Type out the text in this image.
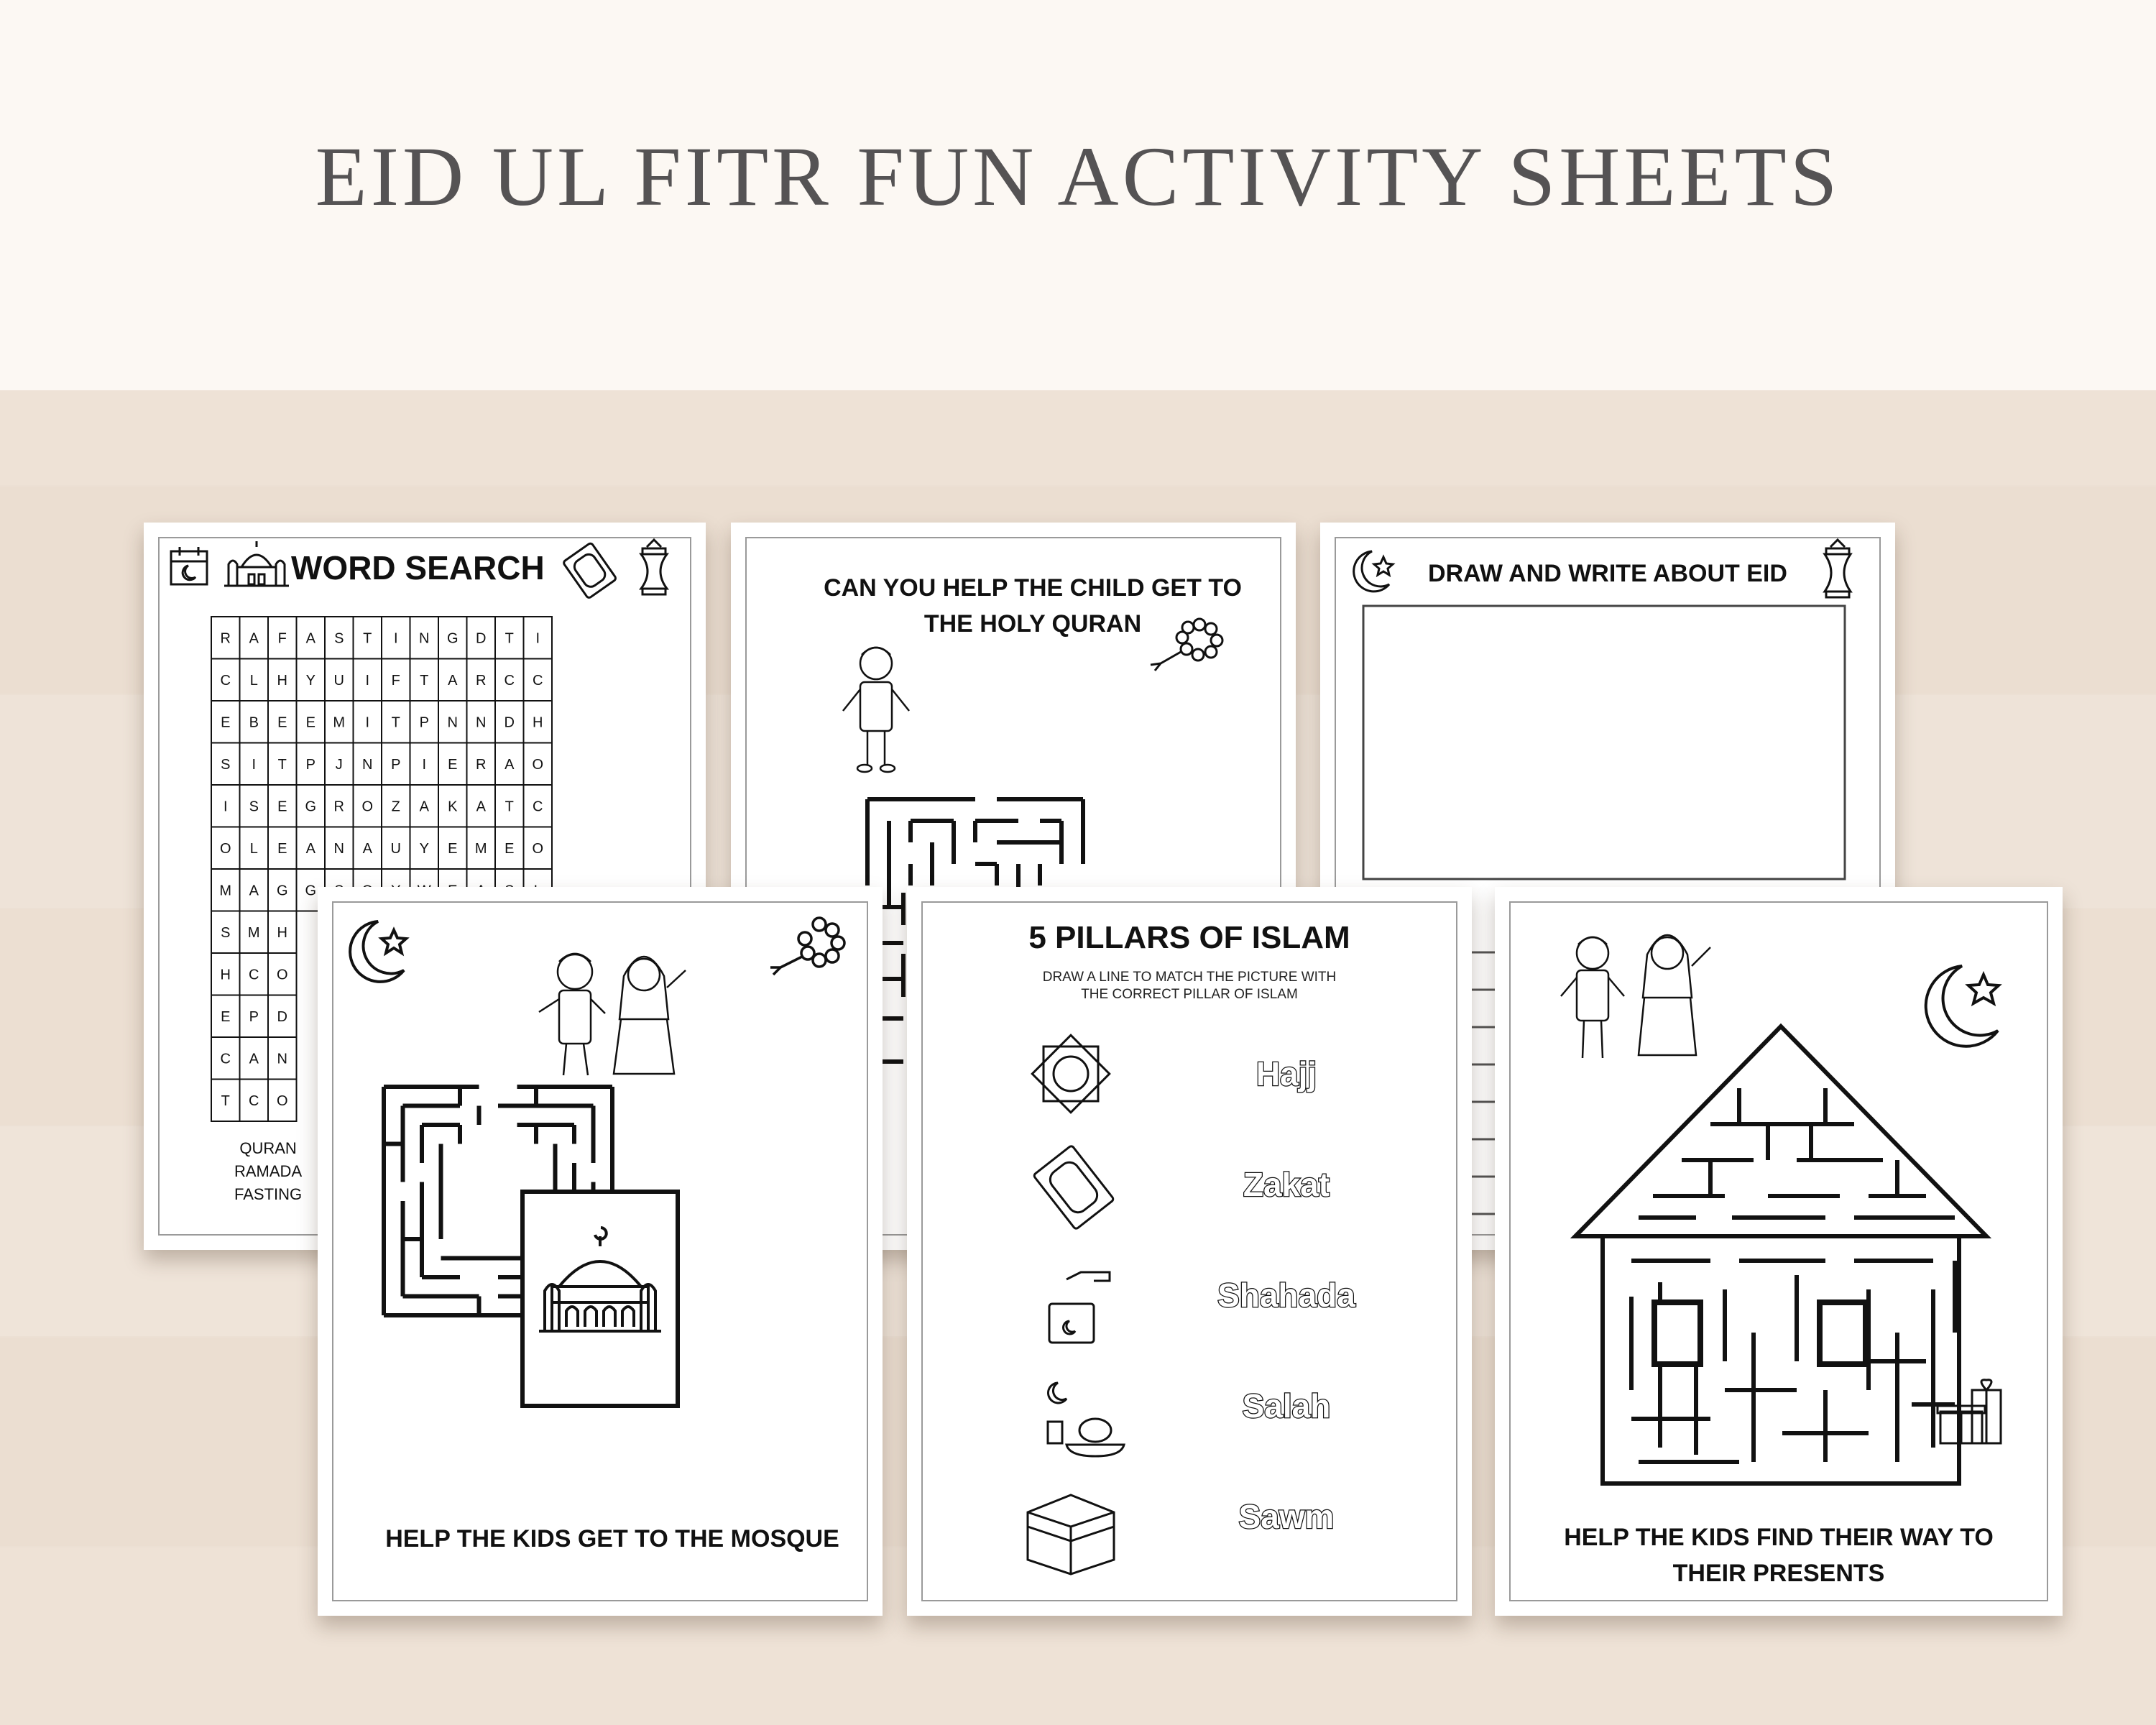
EID UL FITR FUN ACTIVITY SHEETS
R A F A S T I N G D T I
C L H Y U I F T A R C C
E B E E M I T P N N D H
S I T P J N P I E R A O
I S E G R O Z A K A T C
O L E A N A U Y E M E O
M A G G
S M H
H C O
E P D
C A N
T C O
WORD SEARCH
QURAN
RAMADA
FASTING
CAN YOU HELP THE CHILD GET TO
THE HOLY QURAN
DRAW AND WRITE ABOUT EID
HELP THE KIDS GET TO THE MOSQUE
5 PILLARS OF ISLAM
DRAW A LINE TO MATCH THE PICTURE WITH
THE CORRECT PILLAR OF ISLAM
Hajj
Zakat
Shahada
Salah
Sawm
HELP THE KIDS FIND THEIR WAY TO
THEIR PRESENTS
